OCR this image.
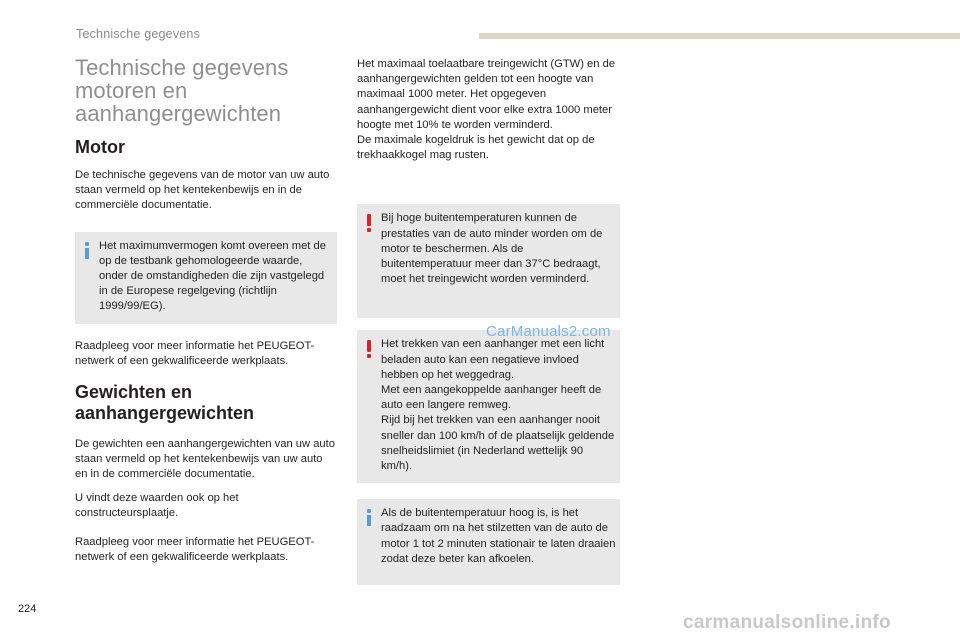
Technische gegevens
Technische gegevens
motoren en
aanhangergewichten
Motor

De technische gegevens van de motor van uw auto staan vermeld op het kentekenbewijs en in de commerciële documentatie.

Het maximumvermogen komt overeen met de op de testbank gehomologeerde waarde, onder de omstandigheden die zijn vastgelegd in de Europese regelgeving (richtlijn 1999/99/EG).

Raadpleeg voor meer informatie het PEUGEOT-netwerk of een gekwalificeerde werkplaats.

Gewichten en
aanhangergewichten

De gewichten een aanhangergewichten van uw auto staan vermeld op het kentekenbewijs van uw auto en in de commerciële documentatie.

U vindt deze waarden ook op het constructeursplaatje.

Raadpleeg voor meer informatie het PEUGEOT-netwerk of een gekwalificeerde werkplaats.

Het maximaal toelaatbare treingewicht (GTW) en de aanhangergewichten gelden tot een hoogte van maximaal 1000 meter. Het opgegeven aanhangergewicht dient voor elke extra 1000 meter hoogte met 10% te worden verminderd.
De maximale kogeldruk is het gewicht dat op de trekhaakkogel mag rusten.

Bij hoge buitentemperaturen kunnen de prestaties van de auto minder worden om de motor te beschermen. Als de buitentemperatuur meer dan 37°C bedraagt, moet het treingewicht worden verminderd.
Het trekken van een aanhanger met een licht beladen auto kan een negatieve invloed hebben op het weggedrag.
Met een aangekoppelde aanhanger heeft de auto een langere remweg.
Rijd bij het trekken van een aanhanger nooit sneller dan 100 km/h of de plaatselijk geldende snelheidslimiet (in Nederland wettelijk 90 km/h).
Als de buitentemperatuur hoog is, is het raadzaam om na het stilzetten van de auto de motor 1 tot 2 minuten stationair te laten draaien zodat deze beter kan afkoelen.
CarManuals2.com
224
carmanualsonline.info
